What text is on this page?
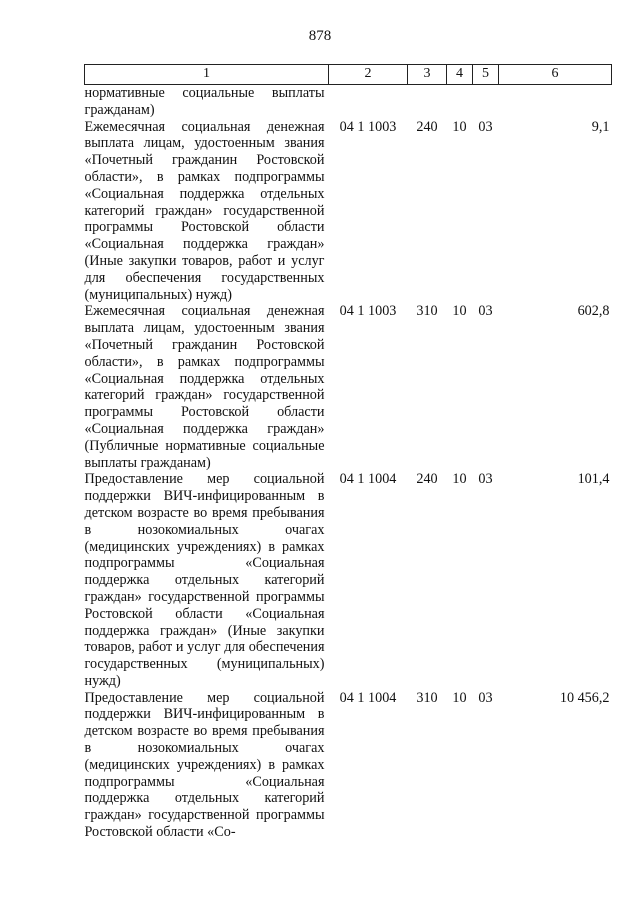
878
1	2	3	4	5	6
нормативные социальные выплаты гражданам)					
Ежемесячная социальная денежная выплата лицам, удостоенным звания «Почетный гражданин Ростовской области», в рамках подпрограммы «Социальная поддержка отдельных категорий граждан» государственной программы Ростовской области «Социальная поддержка граждан» (Иные закупки товаров, работ и услуг для обеспечения государственных (муниципальных) нужд)	04 1 1003	240	10	03	9,1
Ежемесячная социальная денежная выплата лицам, удостоенным звания «Почетный гражданин Ростовской области», в рамках подпрограммы «Социальная поддержка отдельных категорий граждан» государственной программы Ростовской области «Социальная поддержка граждан» (Публичные нормативные социальные выплаты гражданам)	04 1 1003	310	10	03	602,8
Предоставление мер социальной поддержки ВИЧ-инфицированным в детском возрасте во время пребывания в нозокомиальных очагах (медицинских учреждениях) в рамках подпрограммы «Социальная поддержка отдельных категорий граждан» государственной программы Ростовской области «Социальная поддержка граждан» (Иные закупки товаров, работ и услуг для обеспечения государственных (муниципальных) нужд)	04 1 1004	240	10	03	101,4
Предоставление мер социальной поддержки ВИЧ-инфицированным в детском возрасте во время пребывания в нозокомиальных очагах (медицинских учреждениях) в рамках подпрограммы «Социальная поддержка отдельных категорий граждан» государственной программы Ростовской области «Со-	04 1 1004	310	10	03	10 456,2
